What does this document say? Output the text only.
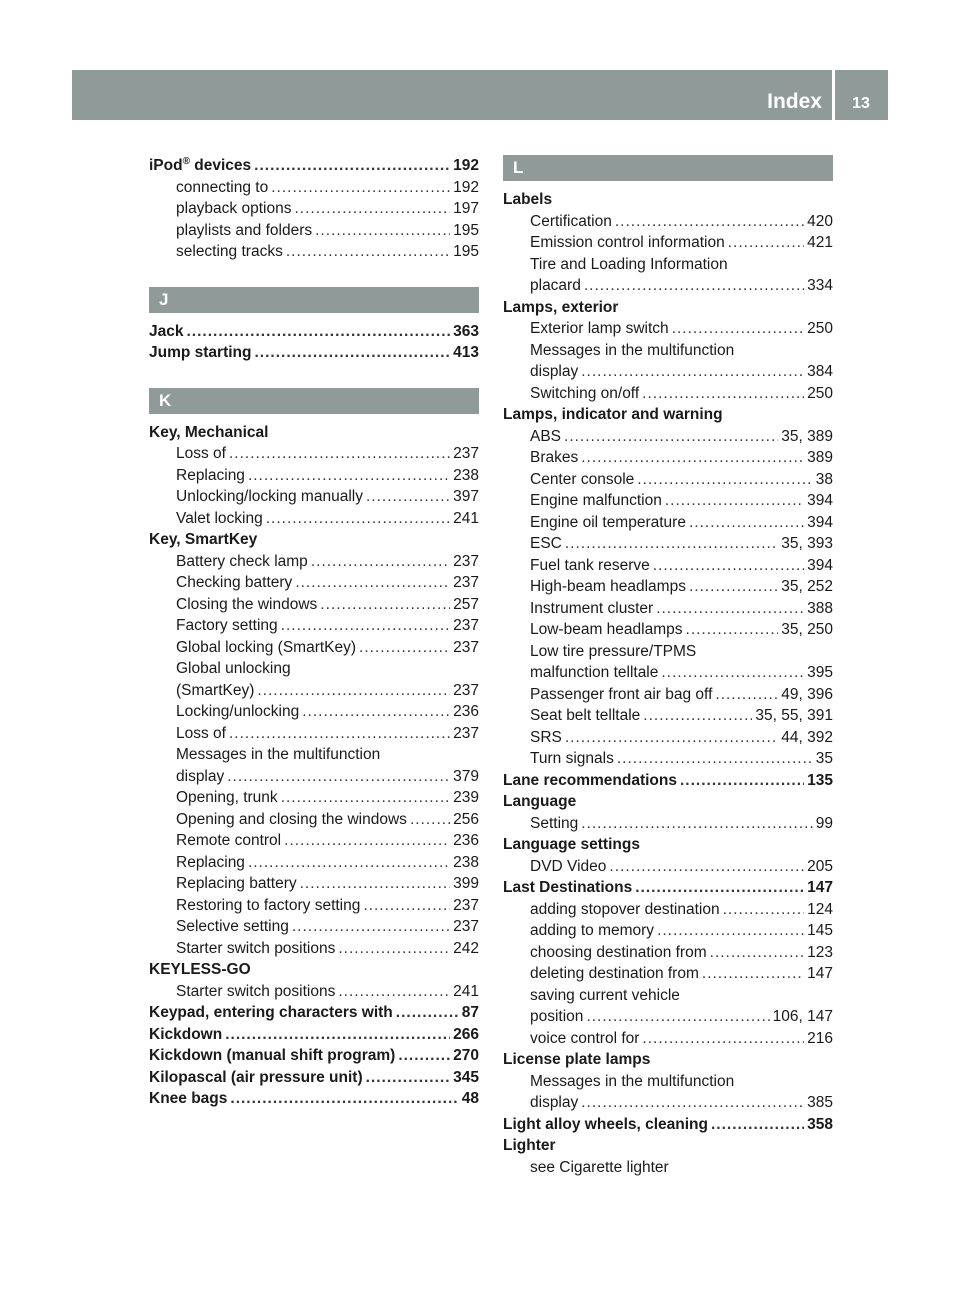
Index	13
iPod® devices .....	192
connecting to .....	192
playback options .....	197
playlists and folders .....	195
selecting tracks .....	195
J
Jack .....	363
Jump starting .....	413
K
Key, Mechanical
Loss of .....	237
Replacing .....	238
Unlocking/locking manually .....	397
Valet locking .....	241
Key, SmartKey
Battery check lamp .....	237
Checking battery .....	237
Closing the windows .....	257
Factory setting .....	237
Global locking (SmartKey) .....	237
Global unlocking
(SmartKey) .....	237
Locking/unlocking .....	236
Loss of .....	237
Messages in the multifunction
display .....	379
Opening, trunk .....	239
Opening and closing the windows .....	256
Remote control .....	236
Replacing .....	238
Replacing battery .....	399
Restoring to factory setting .....	237
Selective setting .....	237
Starter switch positions .....	242
KEYLESS-GO
Starter switch positions .....	241
Keypad, entering characters with .....	87
Kickdown .....	266
Kickdown (manual shift program) .....	270
Kilopascal (air pressure unit) .....	345
Knee bags .....	48
L
Labels
Certification .....	420
Emission control information .....	421
Tire and Loading Information
placard .....	334
Lamps, exterior
Exterior lamp switch .....	250
Messages in the multifunction
display .....	384
Switching on/off .....	250
Lamps, indicator and warning
ABS .....	35, 389
Brakes .....	389
Center console .....	38
Engine malfunction .....	394
Engine oil temperature .....	394
ESC .....	35, 393
Fuel tank reserve .....	394
High-beam headlamps .....	35, 252
Instrument cluster .....	388
Low-beam headlamps .....	35, 250
Low tire pressure/TPMS
malfunction telltale .....	395
Passenger front air bag off .....	49, 396
Seat belt telltale .....	35, 55, 391
SRS .....	44, 392
Turn signals .....	35
Lane recommendations .....	135
Language
Setting .....	99
Language settings
DVD Video .....	205
Last Destinations .....	147
adding stopover destination .....	124
adding to memory .....	145
choosing destination from .....	123
deleting destination from .....	147
saving current vehicle
position .....	106, 147
voice control for .....	216
License plate lamps
Messages in the multifunction
display .....	385
Light alloy wheels, cleaning .....	358
Lighter
see Cigarette lighter
